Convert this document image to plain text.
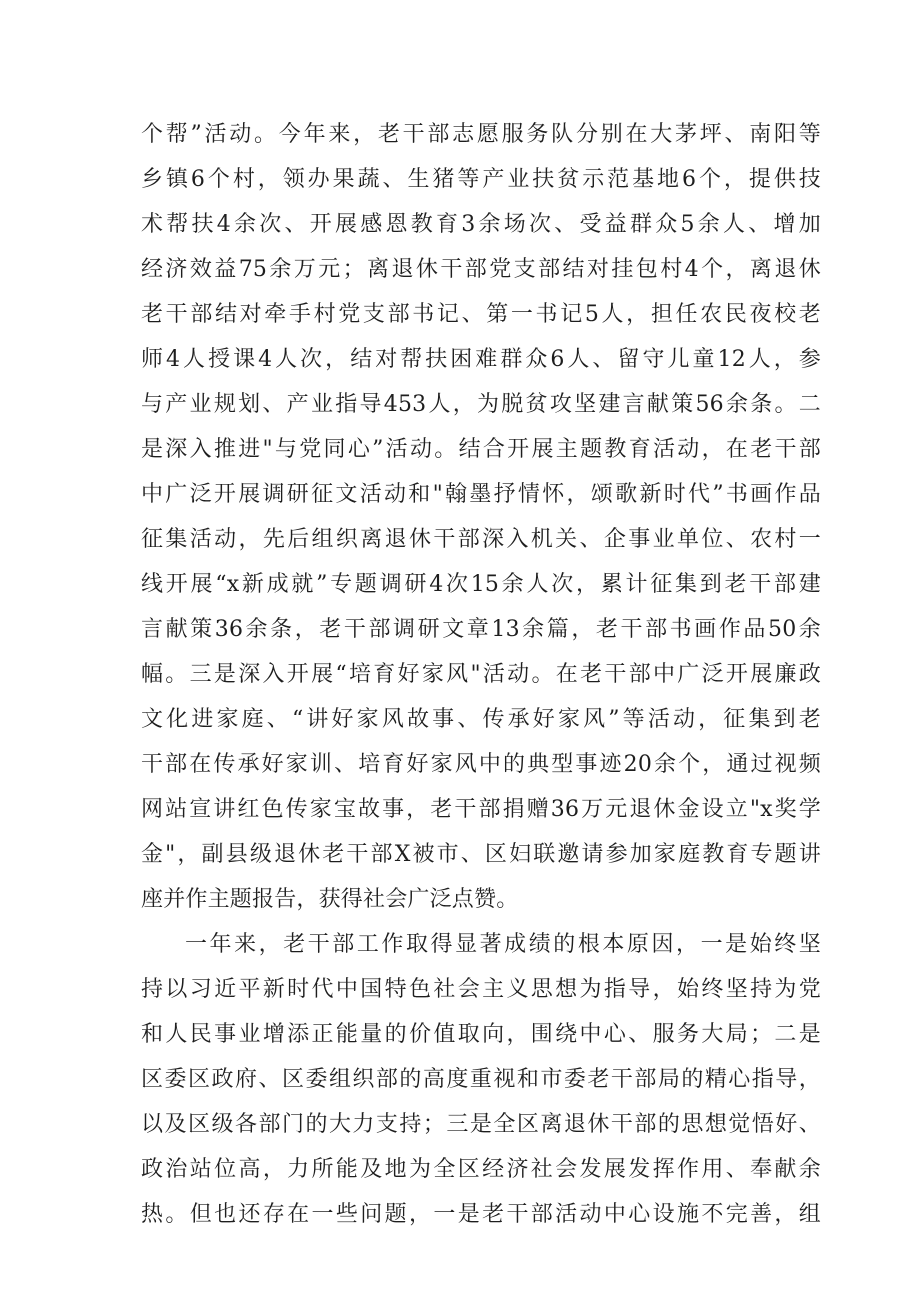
个帮”活动。今年来，老干部志愿服务队分别在大茅坪、南阳等
乡镇6个村，领办果蔬、生猪等产业扶贫示范基地6个，提供技
术帮扶4余次、开展感恩教育3余场次、受益群众5余人、增加
经济效益75余万元；离退休干部党支部结对挂包村4个，离退休
老干部结对牵手村党支部书记、第一书记5人，担任农民夜校老
师4人授课4人次，结对帮扶困难群众6人、留守儿童12人，参
与产业规划、产业指导453人，为脱贫攻坚建言献策56余条。二
是深入推进"与党同心”活动。结合开展主题教育活动，在老干部
中广泛开展调研征文活动和"翰墨抒情怀，颂歌新时代”书画作品
征集活动，先后组织离退休干部深入机关、企事业单位、农村一
线开展“x新成就”专题调研4次15余人次，累计征集到老干部建
言献策36余条，老干部调研文章13余篇，老干部书画作品50余
幅。三是深入开展“培育好家风"活动。在老干部中广泛开展廉政
文化进家庭、“讲好家风故事、传承好家风”等活动，征集到老
干部在传承好家训、培育好家风中的典型事迹20余个，通过视频
网站宣讲红色传家宝故事，老干部捐赠36万元退休金设立"x奖学
金"，副县级退休老干部X被市、区妇联邀请参加家庭教育专题讲
座并作主题报告，获得社会广泛点赞。
一年来，老干部工作取得显著成绩的根本原因，一是始终坚
持以习近平新时代中国特色社会主义思想为指导，始终坚持为党
和人民事业增添正能量的价值取向，围绕中心、服务大局；二是
区委区政府、区委组织部的高度重视和市委老干部局的精心指导，
以及区级各部门的大力支持；三是全区离退休干部的思想觉悟好、
政治站位高，力所能及地为全区经济社会发展发挥作用、奉献余
热。但也还存在一些问题，一是老干部活动中心设施不完善，组
